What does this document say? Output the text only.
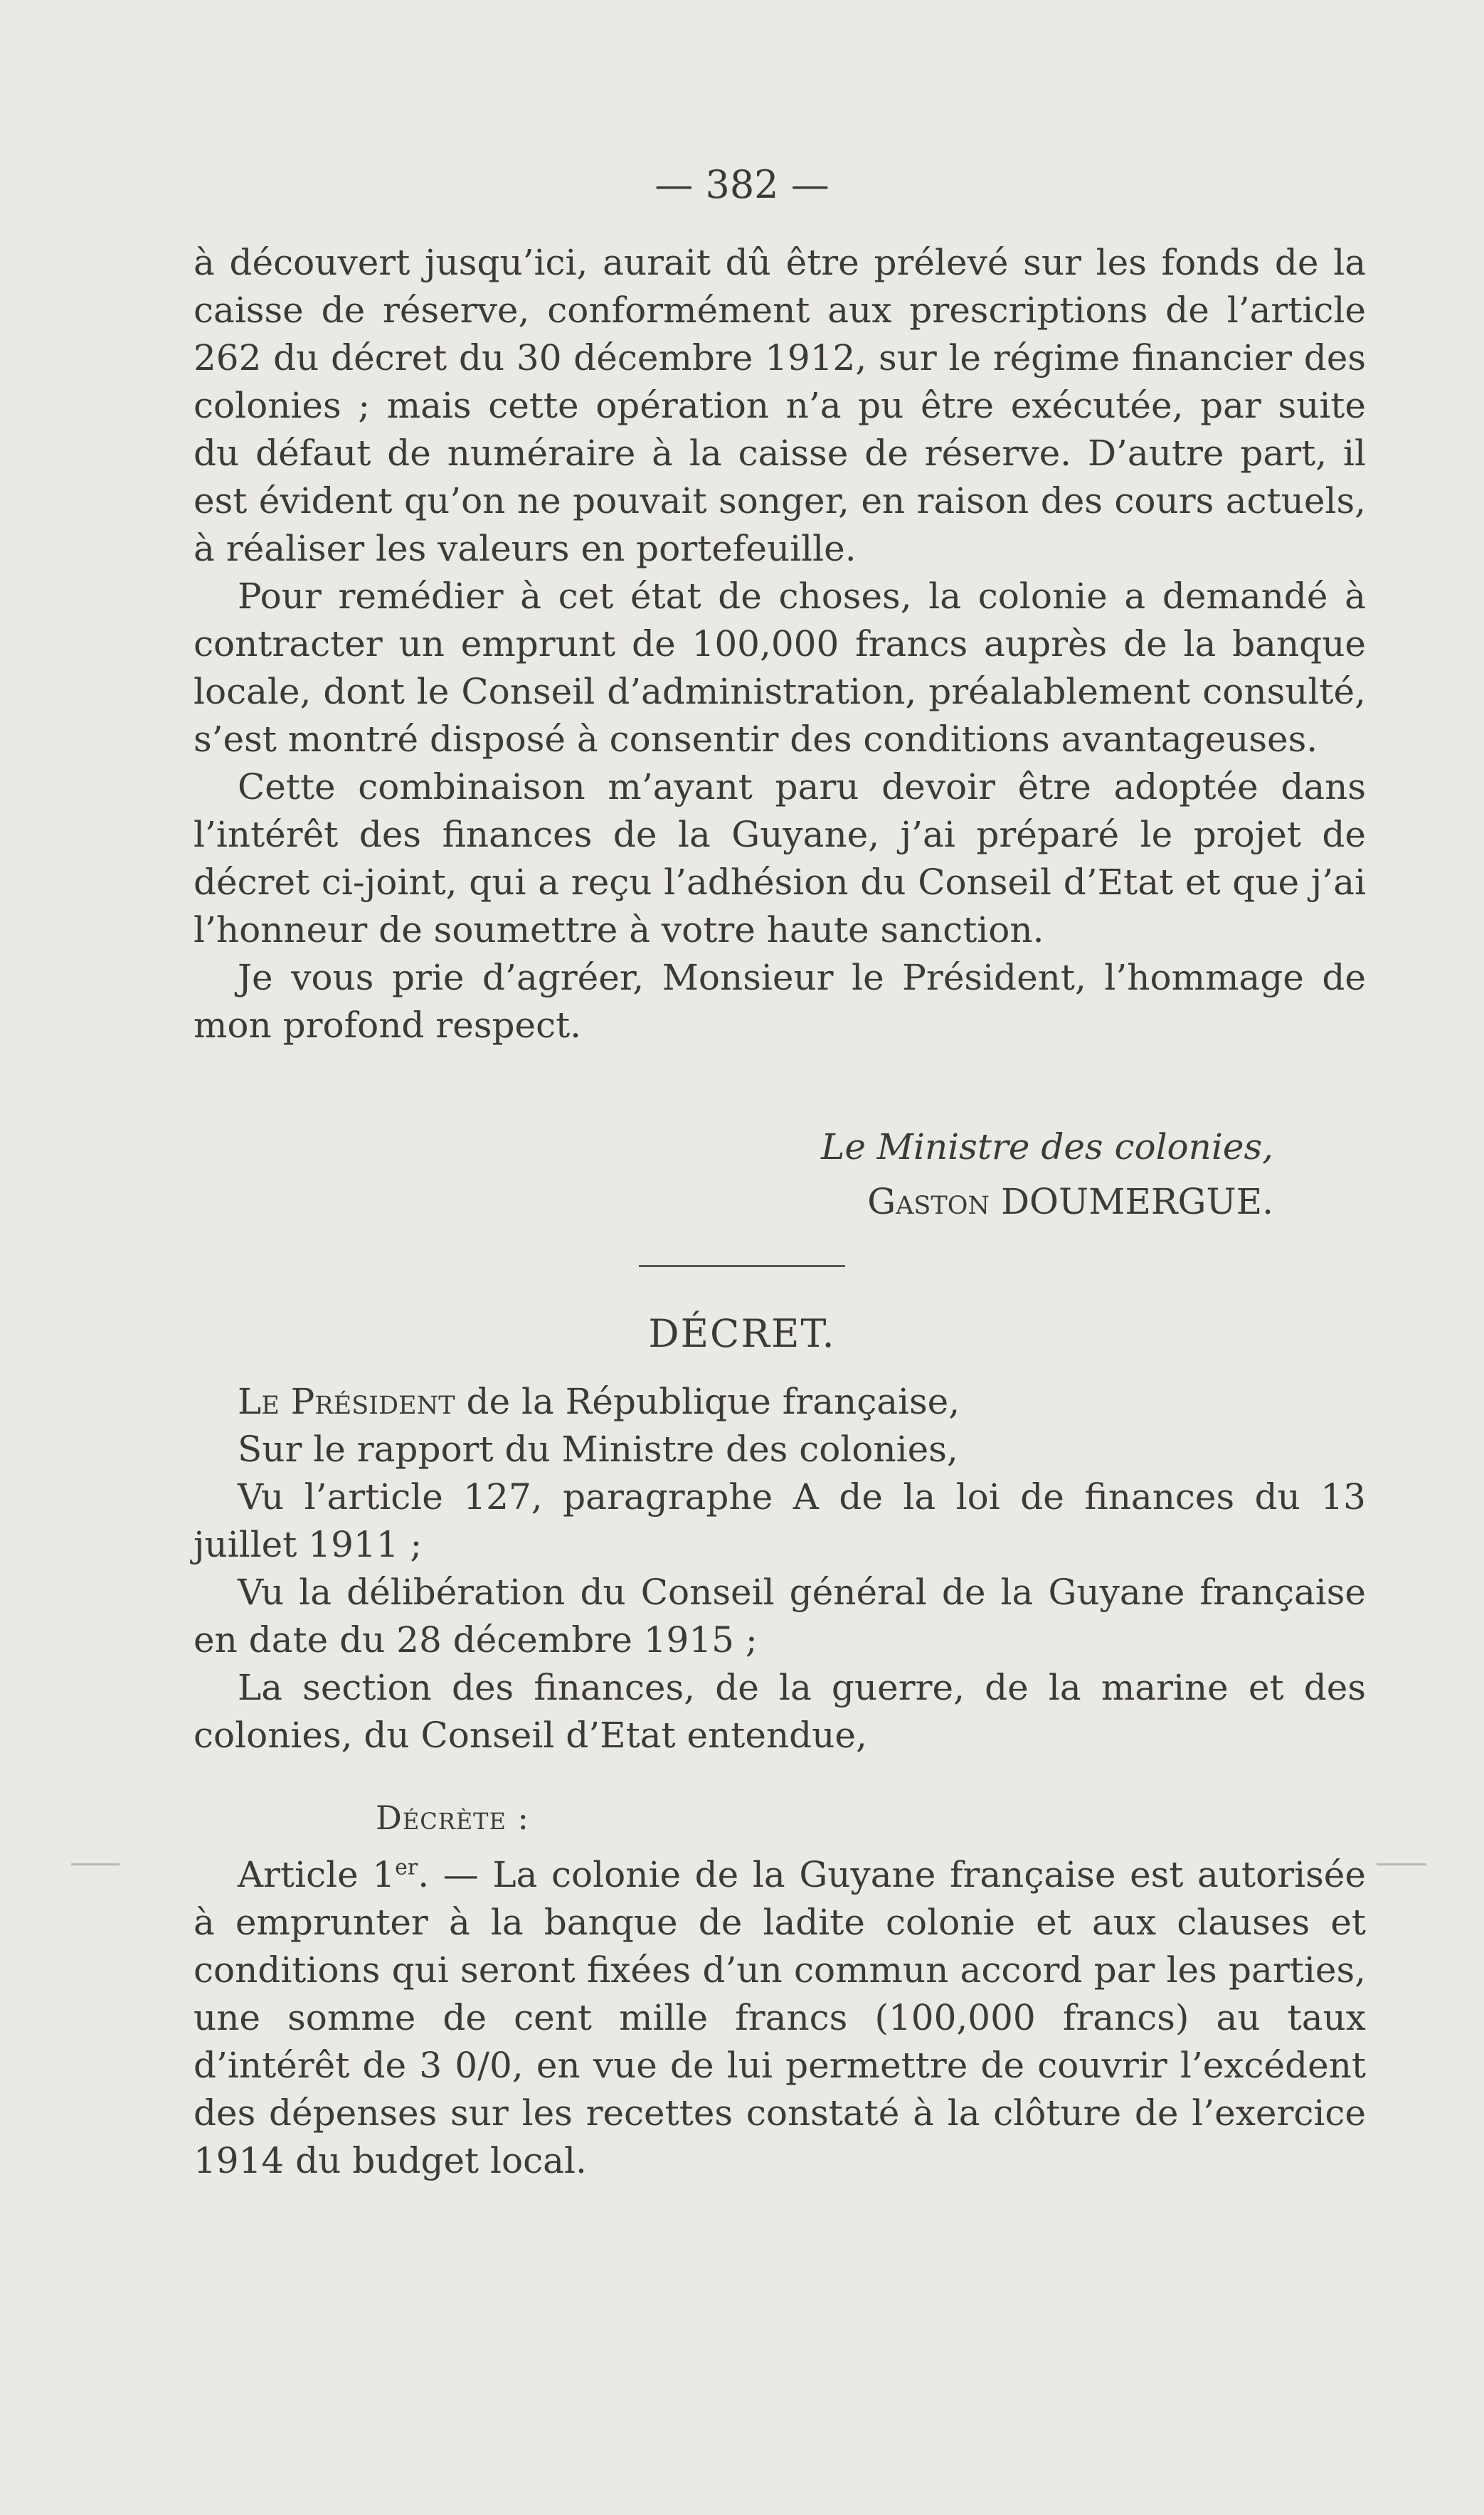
— 382 —

à découvert jusqu’ici, aurait dû être prélevé sur les fonds de la caisse de réserve, conformément aux prescriptions de l’article 262 du décret du 30 décembre 1912, sur le régime financier des colonies ; mais cette opération n’a pu être exécutée, par suite du défaut de numéraire à la caisse de réserve. D’autre part, il est évident qu’on ne pouvait songer, en raison des cours actuels, à réaliser les valeurs en portefeuille.

Pour remédier à cet état de choses, la colonie a demandé à contracter un emprunt de 100,000 francs auprès de la banque locale, dont le Conseil d’administration, préalablement consulté, s’est montré disposé à consentir des conditions avantageuses.

Cette combinaison m’ayant paru devoir être adoptée dans l’intérêt des finances de la Guyane, j’ai préparé le projet de décret ci-joint, qui a reçu l’adhésion du Conseil d’Etat et que j’ai l’honneur de soumettre à votre haute sanction.

Je vous prie d’agréer, Monsieur le Président, l’hommage de mon profond respect.

Le Ministre des colonies,
Gaston DOUMERGUE.
DÉCRET.

Le Président de la République française,

Sur le rapport du Ministre des colonies,

Vu l’article 127, paragraphe A de la loi de finances du 13 juillet 1911 ;

Vu la délibération du Conseil général de la Guyane française en date du 28 décembre 1915 ;

La section des finances, de la guerre, de la marine et des colonies, du Conseil d’Etat entendue,

Décrète :

Article 1er. — La colonie de la Guyane française est autorisée à emprunter à la banque de ladite colonie et aux clauses et conditions qui seront fixées d’un commun accord par les parties, une somme de cent mille francs (100,000 francs) au taux d’intérêt de 3 0/0, en vue de lui permettre de couvrir l’excédent des dépenses sur les recettes constaté à la clôture de l’exercice 1914 du budget local.
